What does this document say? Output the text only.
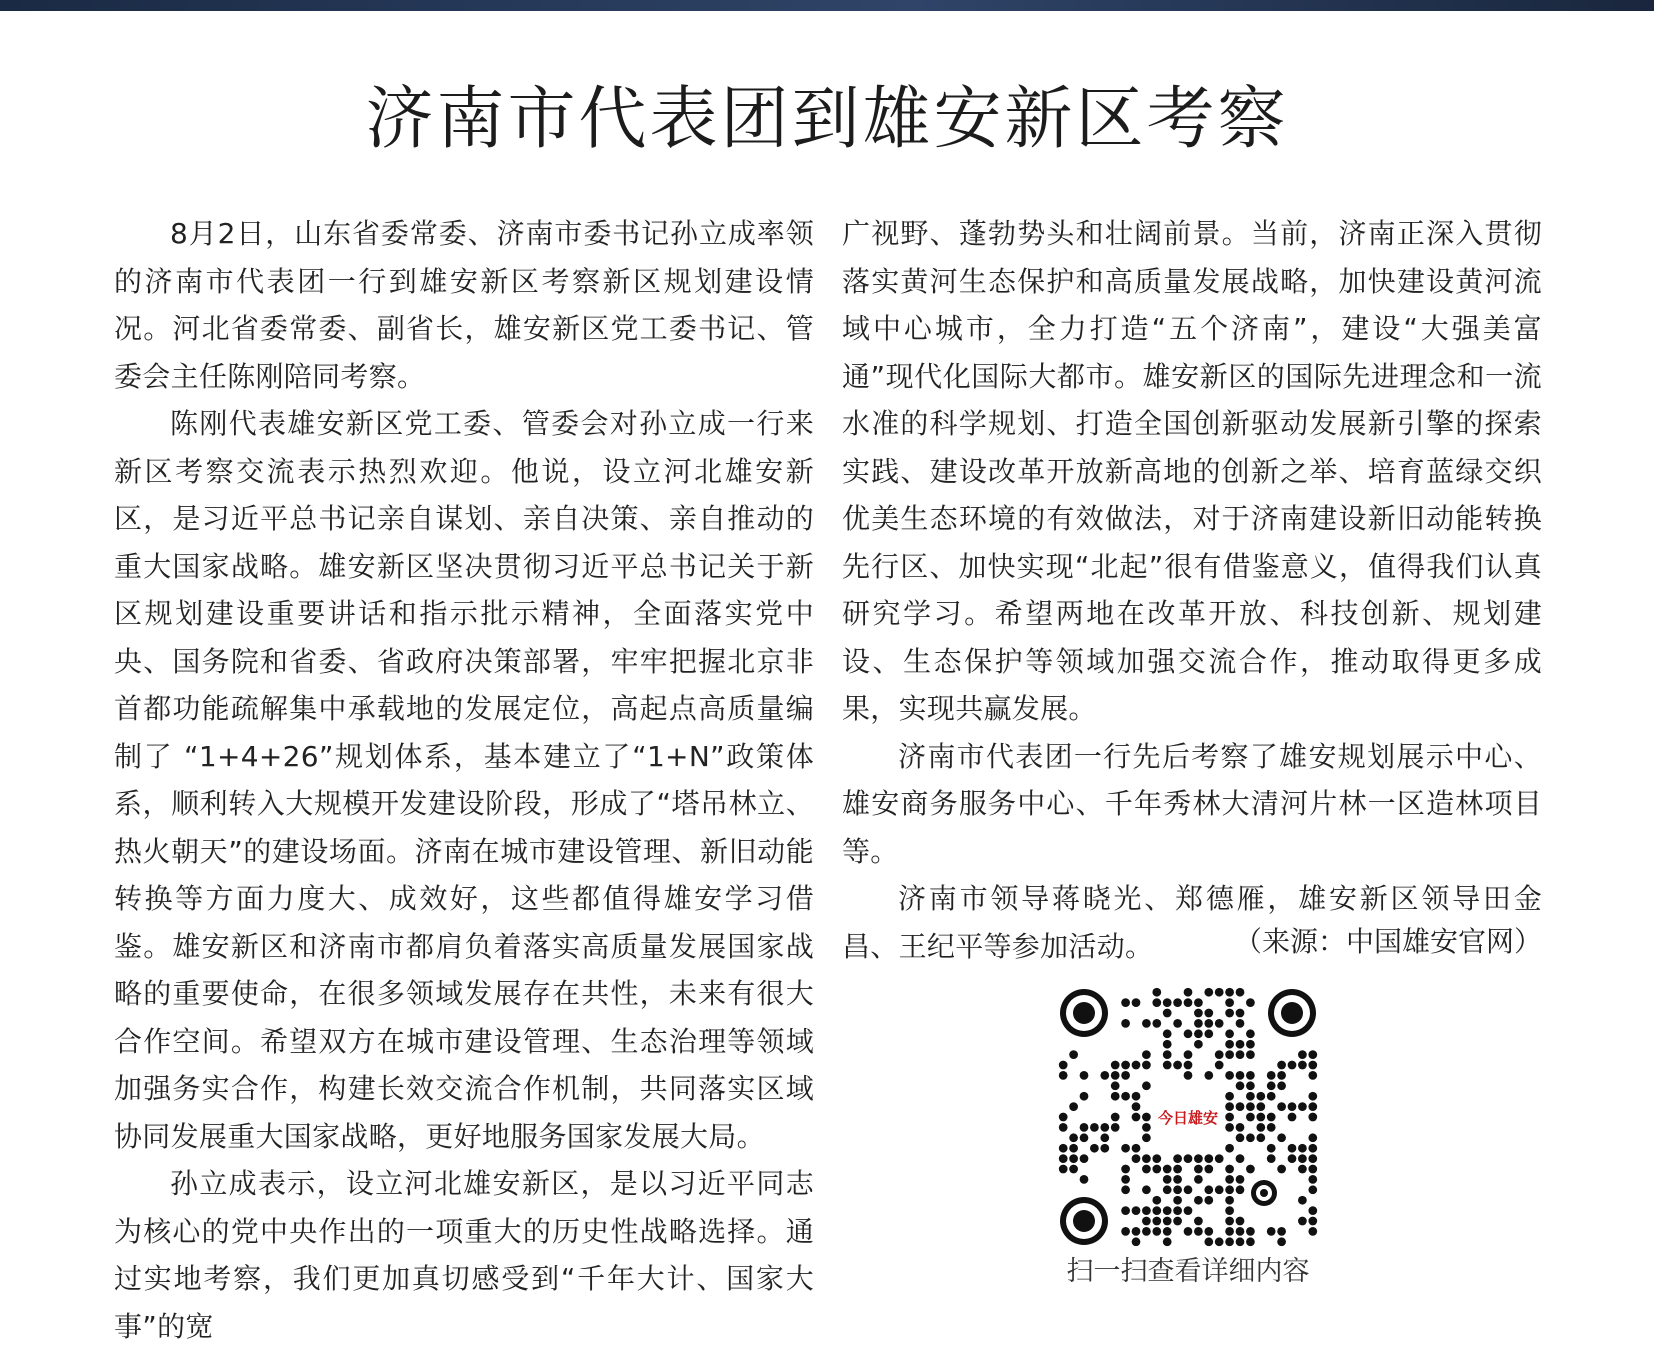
济南市代表团到雄安新区考察

8月2日，山东省委常委、济南市委书记孙立成率领的济南市代表团一行到雄安新区考察新区规划建设情况。河北省委常委、副省长，雄安新区党工委书记、管委会主任陈刚陪同考察。

陈刚代表雄安新区党工委、管委会对孙立成一行来新区考察交流表示热烈欢迎。他说，设立河北雄安新区，是习近平总书记亲自谋划、亲自决策、亲自推动的重大国家战略。雄安新区坚决贯彻习近平总书记关于新区规划建设重要讲话和指示批示精神，全面落实党中央、国务院和省委、省政府决策部署，牢牢把握北京非首都功能疏解集中承载地的发展定位，高起点高质量编制了 “1+4+26”规划体系，基本建立了“1+N”政策体系，顺利转入大规模开发建设阶段，形成了“塔吊林立、热火朝天”的建设场面。济南在城市建设管理、新旧动能转换等方面力度大、成效好，这些都值得雄安学习借鉴。雄安新区和济南市都肩负着落实高质量发展国家战略的重要使命，在很多领域发展存在共性，未来有很大合作空间。希望双方在城市建设管理、生态治理等领域加强务实合作，构建长效交流合作机制，共同落实区域协同发展重大国家战略，更好地服务国家发展大局。

孙立成表示，设立河北雄安新区，是以习近平同志为核心的党中央作出的一项重大的历史性战略选择。通过实地考察，我们更加真切感受到“千年大计、国家大事”的宽

广视野、蓬勃势头和壮阔前景。当前，济南正深入贯彻落实黄河生态保护和高质量发展战略，加快建设黄河流域中心城市，全力打造“五个济南”，建设“大强美富通”现代化国际大都市。雄安新区的国际先进理念和一流水准的科学规划、打造全国创新驱动发展新引擎的探索实践、建设改革开放新高地的创新之举、培育蓝绿交织优美生态环境的有效做法，对于济南建设新旧动能转换先行区、加快实现“北起”很有借鉴意义，值得我们认真研究学习。希望两地在改革开放、科技创新、规划建设、生态保护等领域加强交流合作，推动取得更多成果，实现共赢发展。

济南市代表团一行先后考察了雄安规划展示中心、雄安商务服务中心、千年秀林大清河片林一区造林项目等。

济南市领导蒋晓光、郑德雁，雄安新区领导田金昌、王纪平等参加活动。	（来源：中国雄安官网）

今日雄安

扫一扫查看详细内容
